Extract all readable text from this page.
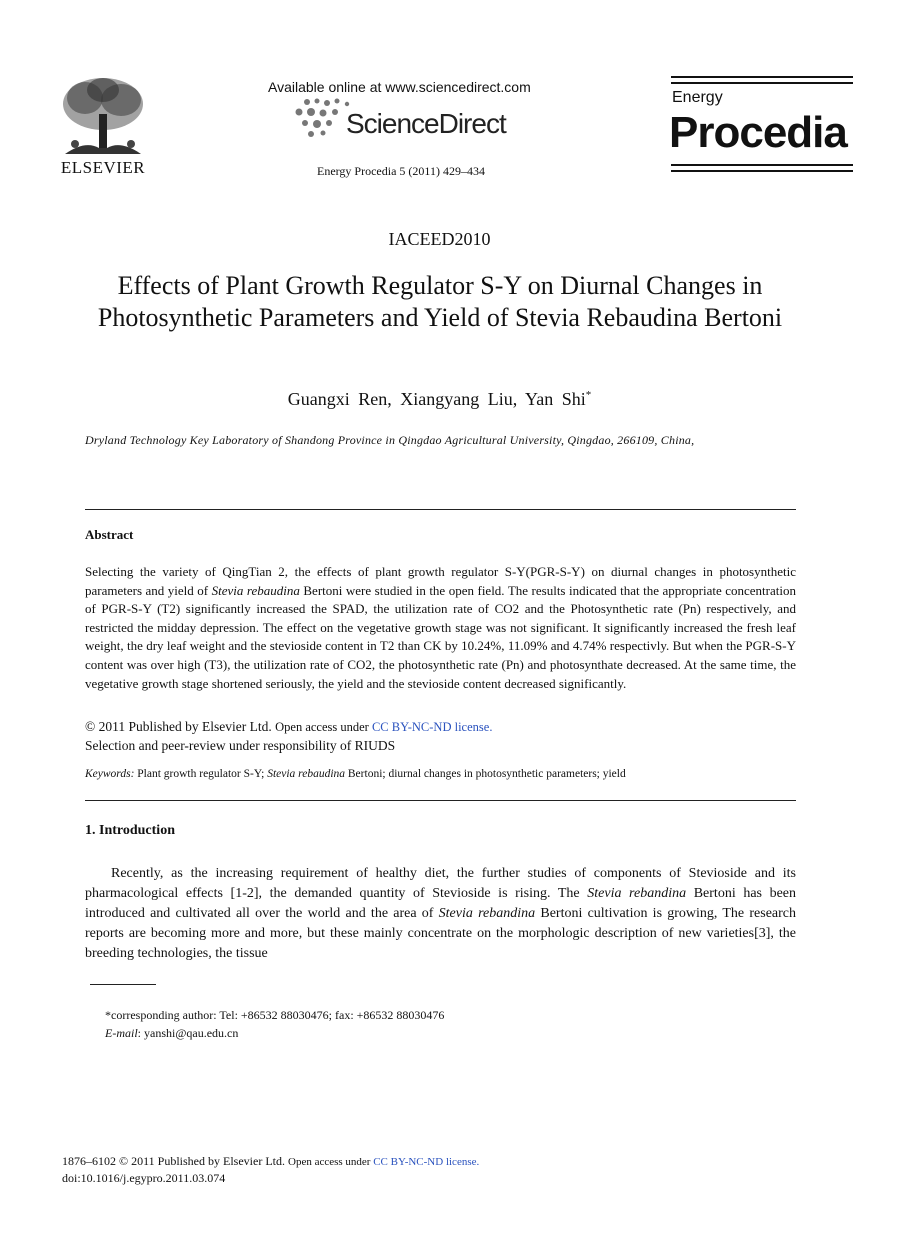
ELSEVIER
Available online at www.sciencedirect.com
ScienceDirect
Energy Procedia 5 (2011) 429–434
Energy
Procedia
IACEED2010
Effects of Plant Growth Regulator S-Y on Diurnal Changes in Photosynthetic Parameters and Yield of Stevia Rebaudina Bertoni
Guangxi Ren, Xiangyang Liu, Yan Shi*
Dryland Technology Key Laboratory of Shandong Province in Qingdao Agricultural University, Qingdao, 266109, China,
Abstract

Selecting the variety of QingTian 2, the effects of plant growth regulator S-Y(PGR-S-Y) on diurnal changes in photosynthetic parameters and yield of Stevia rebaudina Bertoni were studied in the open field. The results indicated that the appropriate concentration of PGR-S-Y (T2) significantly increased the SPAD, the utilization rate of CO2 and the Photosynthetic rate (Pn) respectively, and restricted the midday depression. The effect on the vegetative growth stage was not significant. It significantly increased the fresh leaf weight, the dry leaf weight and the stevioside content in T2 than CK by 10.24%, 11.09% and 4.74% respectivly. But when the PGR-S-Y content was over high (T3), the utilization rate of CO2, the photosynthetic rate (Pn) and photosynthate decreased. At the same time, the vegetative growth stage shortened seriously, the yield and the stevioside content decreased significantly.

© 2011 Published by Elsevier Ltd. Open access under CC BY-NC-ND license.
Selection and peer-review under responsibility of RIUDS
Keywords: Plant growth regulator S-Y; Stevia rebaudina Bertoni; diurnal changes in photosynthetic parameters; yield
1. Introduction

Recently, as the increasing requirement of healthy diet, the further studies of components of Stevioside and its pharmacological effects [1-2], the demanded quantity of Stevioside is rising. The Stevia rebandina Bertoni has been introduced and cultivated all over the world and the area of Stevia rebandina Bertoni cultivation is growing, The research reports are becoming more and more, but these mainly concentrate on the morphologic description of new varieties[3], the breeding technologies, the tissue

*corresponding author: Tel: +86532 88030476; fax: +86532 88030476
E-mail: yanshi@qau.edu.cn
1876–6102 © 2011 Published by Elsevier Ltd. Open access under CC BY-NC-ND license.
doi:10.1016/j.egypro.2011.03.074
